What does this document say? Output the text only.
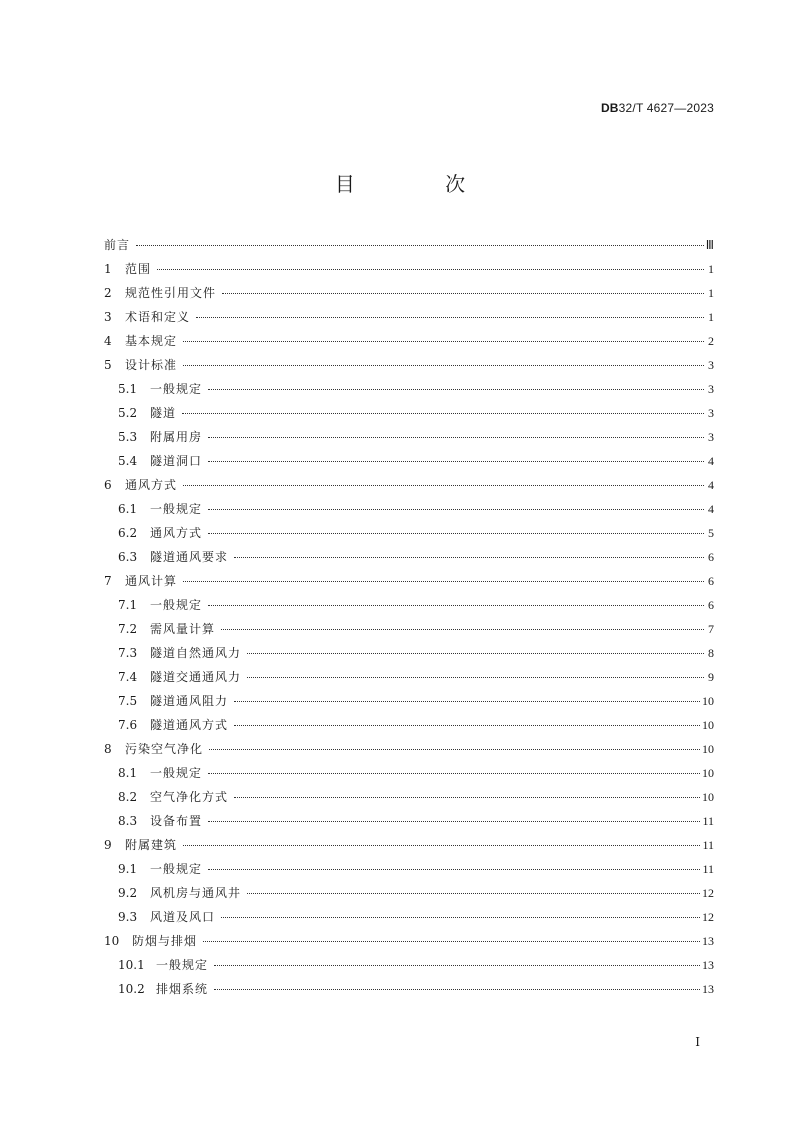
DB32/T 4627—2023
目 次
前言	Ⅲ
1	范围	1
2	规范性引用文件	1
3	术语和定义	1
4	基本规定	2
5	设计标准	3
5.1	一般规定	3
5.2	隧道	3
5.3	附属用房	3
5.4	隧道洞口	4
6	通风方式	4
6.1	一般规定	4
6.2	通风方式	5
6.3	隧道通风要求	6
7	通风计算	6
7.1	一般规定	6
7.2	需风量计算	7
7.3	隧道自然通风力	8
7.4	隧道交通通风力	9
7.5	隧道通风阻力	10
7.6	隧道通风方式	10
8	污染空气净化	10
8.1	一般规定	10
8.2	空气净化方式	10
8.3	设备布置	11
9	附属建筑	11
9.1	一般规定	11
9.2	风机房与通风井	12
9.3	风道及风口	12
10	防烟与排烟	13
10.1 一般规定	13
10.2 排烟系统	13
I
